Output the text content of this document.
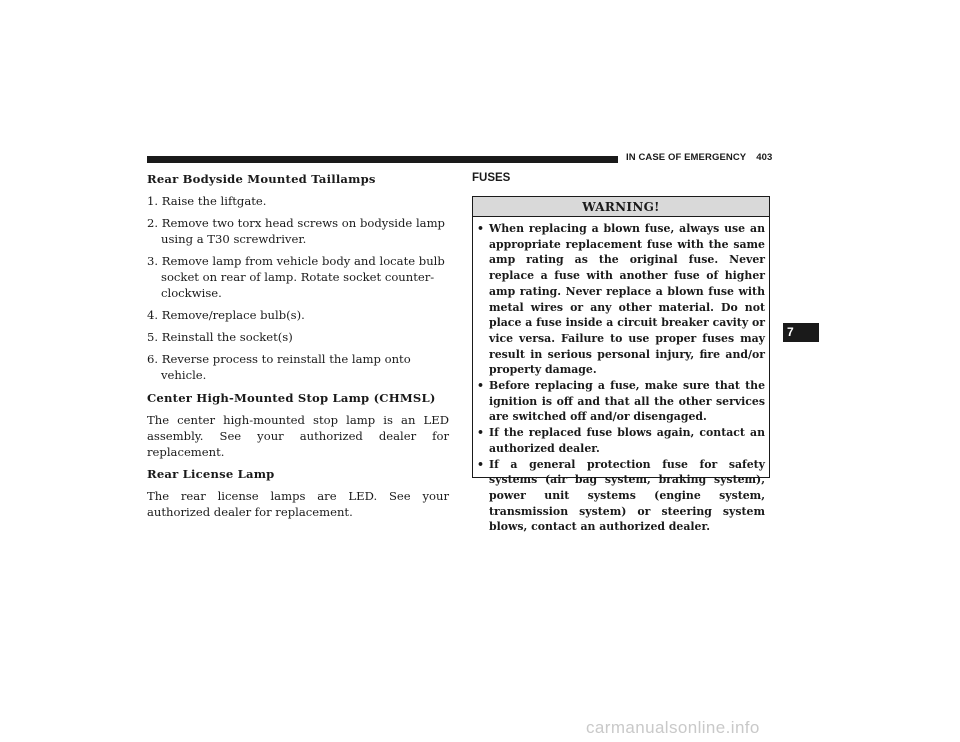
IN CASE OF EMERGENCY 403

Rear Bodyside Mounted Taillamps

1. Raise the liftgate.

2. Remove two torx head screws on bodyside lamp using a T30 screwdriver.

3. Remove lamp from vehicle body and locate bulb socket on rear of lamp. Rotate socket counter-clockwise.

4. Remove/replace bulb(s).

5. Reinstall the socket(s)

6. Reverse process to reinstall the lamp onto vehicle.

Center High-Mounted Stop Lamp (CHMSL)

The center high-mounted stop lamp is an LED assembly. See your authorized dealer for replacement.

Rear License Lamp

The rear license lamps are LED. See your authorized dealer for replacement.

FUSES
WARNING!
• When replacing a blown fuse, always use an appropriate replacement fuse with the same amp rating as the original fuse. Never replace a fuse with another fuse of higher amp rating. Never replace a blown fuse with metal wires or any other material. Do not place a fuse inside a circuit breaker cavity or vice versa. Failure to use proper fuses may result in serious personal injury, fire and/or property damage.
• Before replacing a fuse, make sure that the ignition is off and that all the other services are switched off and/or disengaged.
• If the replaced fuse blows again, contact an authorized dealer.
• If a general protection fuse for safety systems (air bag system, braking system), power unit systems (engine system, transmission system) or steering system blows, contact an authorized dealer.
7
carmanualsonline.info
